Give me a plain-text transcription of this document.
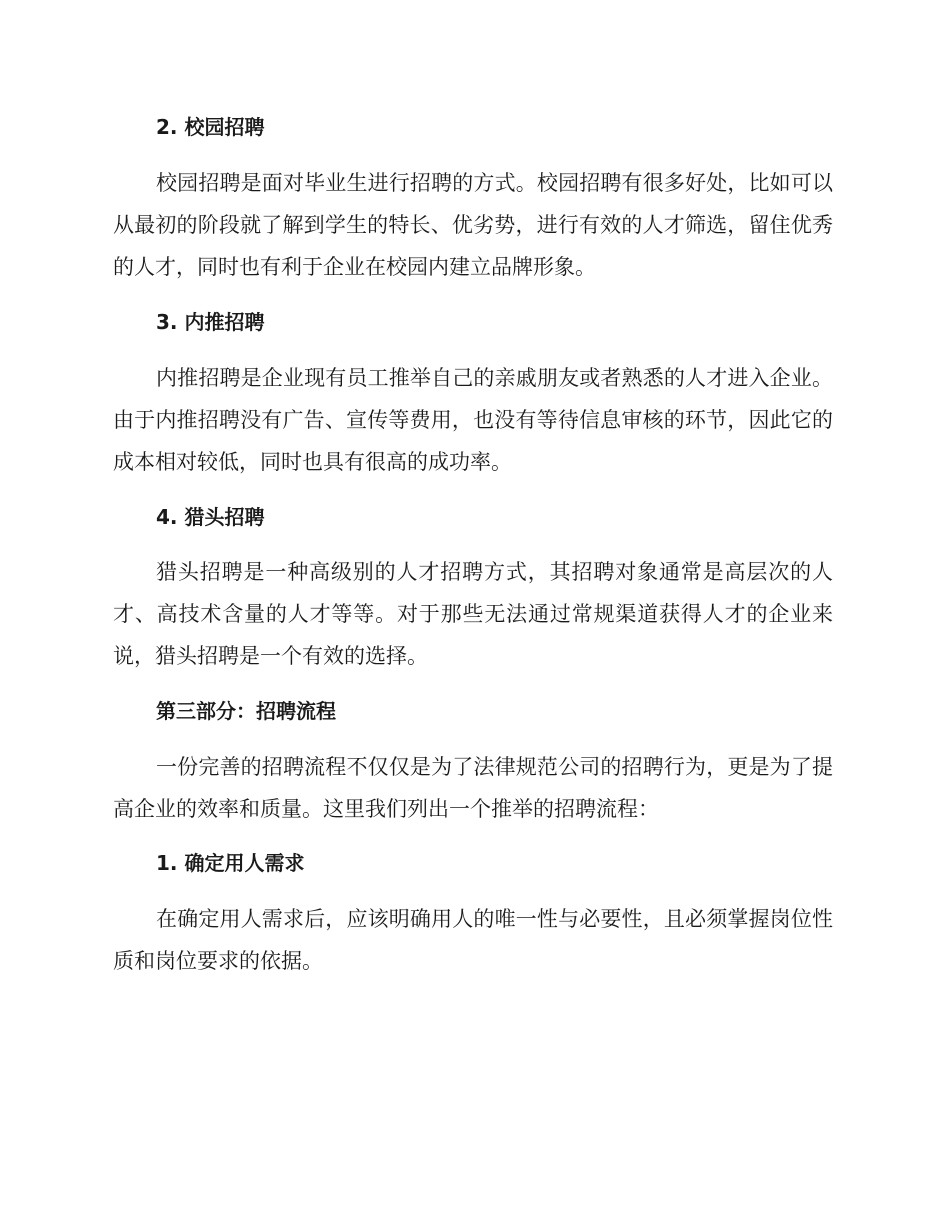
2. 校园招聘
校园招聘是面对毕业生进行招聘的方式。校园招聘有很多好处，比如可以从最初的阶段就了解到学生的特长、优劣势，进行有效的人才筛选，留住优秀的人才，同时也有利于企业在校园内建立品牌形象。
3. 内推招聘
内推招聘是企业现有员工推举自己的亲戚朋友或者熟悉的人才进入企业。由于内推招聘没有广告、宣传等费用，也没有等待信息审核的环节，因此它的成本相对较低，同时也具有很高的成功率。
4. 猎头招聘
猎头招聘是一种高级别的人才招聘方式，其招聘对象通常是高层次的人才、高技术含量的人才等等。对于那些无法通过常规渠道获得人才的企业来说，猎头招聘是一个有效的选择。
第三部分：招聘流程
一份完善的招聘流程不仅仅是为了法律规范公司的招聘行为，更是为了提高企业的效率和质量。这里我们列出一个推举的招聘流程：
1. 确定用人需求
在确定用人需求后，应该明确用人的唯一性与必要性，且必须掌握岗位性质和岗位要求的依据。
